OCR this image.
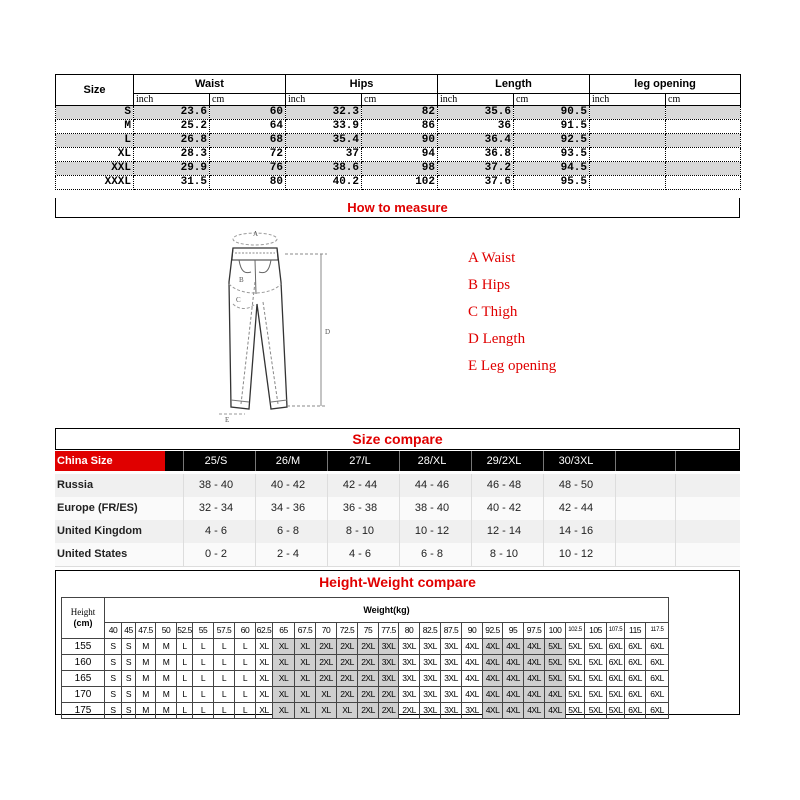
Size	Waist		Hips		Length		leg opening	
	inch	cm	inch	cm	inch	cm	inch	cm
S	23.6	60	32.3	82	35.6	90.5		
M	25.2	64	33.9	86	36	91.5		
L	26.8	68	35.4	90	36.4	92.5		
XL	28.3	72	37	94	36.8	93.5		
XXL	29.9	76	38.6	98	37.2	94.5		
XXXL	31.5	80	40.2	102	37.6	95.5		
How to measure
A
B
C
D
E
A Waist
B Hips
C Thigh
D Length
E Leg opening
Size compare
China Size	25/S	26/M	27/L	28/XL	29/2XL	30/3XL
Russia	38 - 40	40 - 42	42 - 44	44 - 46	46 - 48	48 - 50
Europe (FR/ES)	32 - 34	34 - 36	36 - 38	38 - 40	40 - 42	42 - 44
United Kingdom	4 - 6	6 - 8	8 - 10	10 - 12	12 - 14	14 - 16
United States	0 - 2	2 - 4	4 - 6	6 - 8	8 - 10	10 - 12
Height-Weight compare
Height
(cm)	Weight(kg)																											
	40	45	47.5	50	52.5	55	57.5	60	62.5	65	67.5	70	72.5	75	77.5	80	82.5	87.5	90	92.5	95	97.5	100	102.5	105	107.5	115	117.5
155	S	S	M	M	L	L	L	L	XL	XL	XL	2XL	2XL	2XL	3XL	3XL	3XL	3XL	4XL	4XL	4XL	4XL	5XL	5XL	5XL	6XL	6XL	6XL
160	S	S	M	M	L	L	L	L	XL	XL	XL	2XL	2XL	2XL	3XL	3XL	3XL	3XL	4XL	4XL	4XL	4XL	5XL	5XL	5XL	6XL	6XL	6XL
165	S	S	M	M	L	L	L	L	XL	XL	XL	2XL	2XL	2XL	3XL	3XL	3XL	3XL	4XL	4XL	4XL	4XL	5XL	5XL	5XL	6XL	6XL	6XL
170	S	S	M	M	L	L	L	L	XL	XL	XL	XL	2XL	2XL	2XL	3XL	3XL	3XL	4XL	4XL	4XL	4XL	4XL	5XL	5XL	5XL	6XL	6XL
175	S	S	M	M	L	L	L	L	XL	XL	XL	XL	XL	2XL	2XL	2XL	3XL	3XL	3XL	4XL	4XL	4XL	4XL	5XL	5XL	5XL	6XL	6XL
